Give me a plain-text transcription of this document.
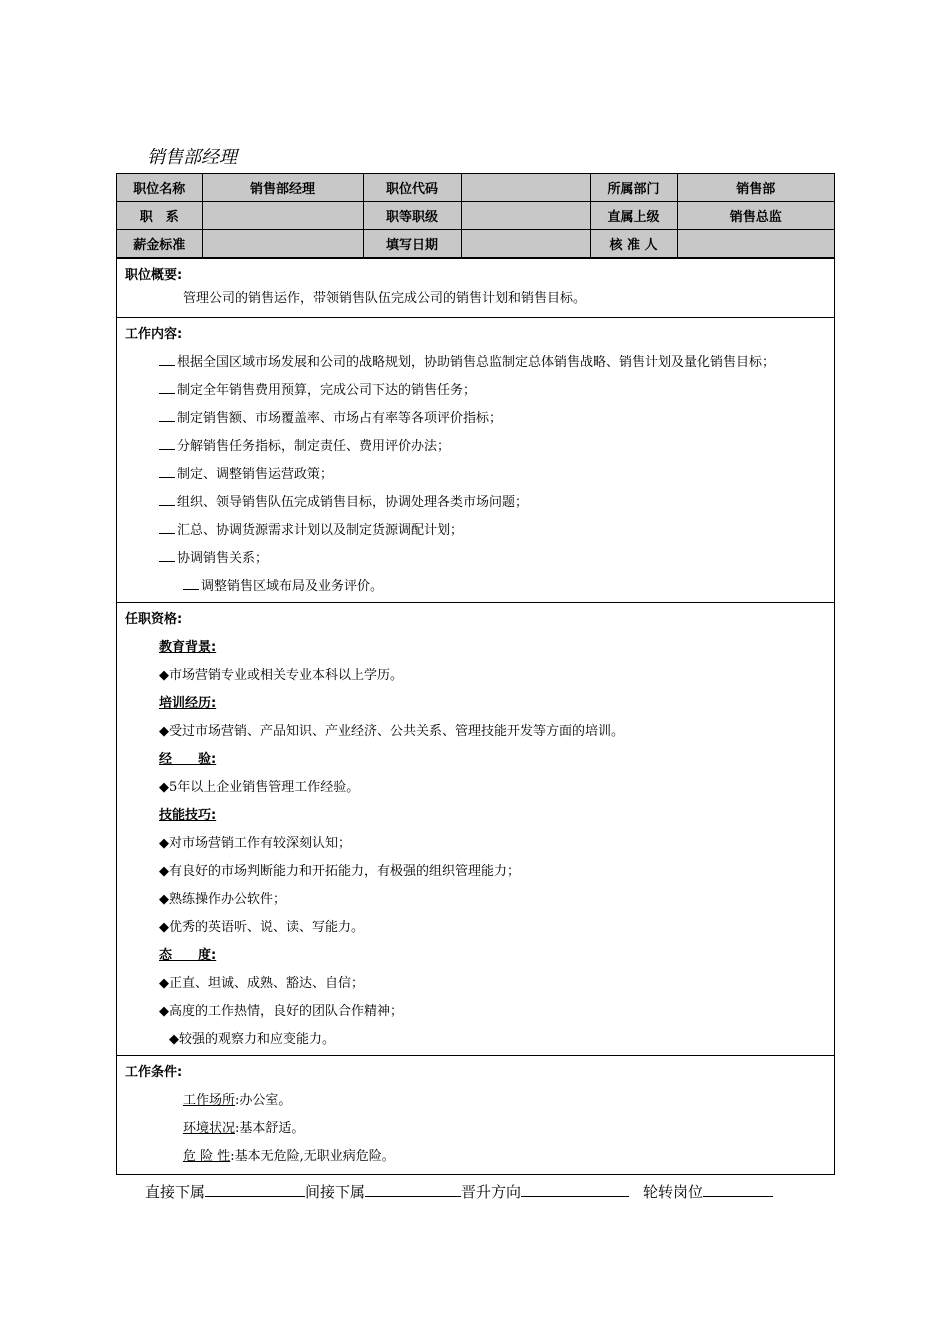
销售部经理
职位名称	销售部经理	职位代码		所属部门	销售部
职　系		职等职级		直属上级	销售总监
薪金标准		填写日期		核 准 人	
职位概要:
管理公司的销售运作，带领销售队伍完成公司的销售计划和销售目标。
工作内容:
根据全国区域市场发展和公司的战略规划，协助销售总监制定总体销售战略、销售计划及量化销售目标；
制定全年销售费用预算，完成公司下达的销售任务；
制定销售额、市场覆盖率、市场占有率等各项评价指标；
分解销售任务指标，制定责任、费用评价办法；
制定、调整销售运营政策；
组织、领导销售队伍完成销售目标，协调处理各类市场问题；
汇总、协调货源需求计划以及制定货源调配计划；
协调销售关系；
调整销售区域布局及业务评价。
任职资格:
教育背景:
◆市场营销专业或相关专业本科以上学历。
培训经历:
◆受过市场营销、产品知识、产业经济、公共关系、管理技能开发等方面的培训。
经　　验:
◆5年以上企业销售管理工作经验。
技能技巧:
◆对市场营销工作有较深刻认知；
◆有良好的市场判断能力和开拓能力，有极强的组织管理能力；
◆熟练操作办公软件；
◆优秀的英语听、说、读、写能力。
态　　度:
◆正直、坦诚、成熟、豁达、自信；
◆高度的工作热情，良好的团队合作精神；
◆较强的观察力和应变能力。
工作条件:
工作场所:办公室。
环境状况:基本舒适。
危 险 性:基本无危险,无职业病危险。
直接下属	间接下属	晋升方向	轮转岗位
